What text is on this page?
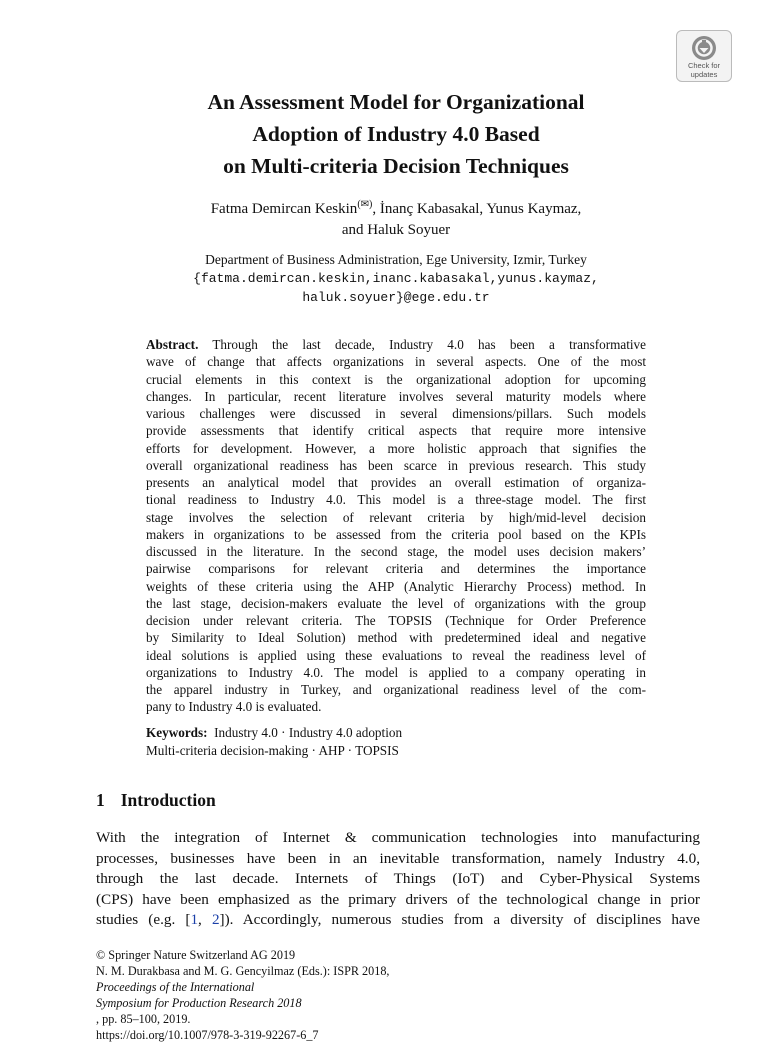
Check for
updates
An Assessment Model for Organizational
Adoption of Industry 4.0 Based
on Multi-criteria Decision Techniques
Fatma Demircan Keskin(✉), İnanç Kabasakal, Yunus Kaymaz,
and Haluk Soyuer
Department of Business Administration, Ege University, Izmir, Turkey
{fatma.demircan.keskin,inanc.kabasakal,yunus.kaymaz,
haluk.soyuer}@ege.edu.tr
Abstract. Through the last decade, Industry 4.0 has been a transformative
wave of change that affects organizations in several aspects. One of the most
crucial elements in this context is the organizational adoption for upcoming
changes. In particular, recent literature involves several maturity models where
various challenges were discussed in several dimensions/pillars. Such models
provide assessments that identify critical aspects that require more intensive
efforts for development. However, a more holistic approach that signifies the
overall organizational readiness has been scarce in previous research. This study
presents an analytical model that provides an overall estimation of organiza-
tional readiness to Industry 4.0. This model is a three-stage model. The first
stage involves the selection of relevant criteria by high/mid-level decision
makers in organizations to be assessed from the criteria pool based on the KPIs
discussed in the literature. In the second stage, the model uses decision makers’
pairwise comparisons for relevant criteria and determines the importance
weights of these criteria using the AHP (Analytic Hierarchy Process) method. In
the last stage, decision-makers evaluate the level of organizations with the group
decision under relevant criteria. The TOPSIS (Technique for Order Preference
by Similarity to Ideal Solution) method with predetermined ideal and negative
ideal solutions is applied using these evaluations to reveal the readiness level of
organizations to Industry 4.0. The model is applied to a company operating in
the apparel industry in Turkey, and organizational readiness level of the com-
pany to Industry 4.0 is evaluated.
Keywords:  Industry 4.0 · Industry 4.0 adoption
Multi-criteria decision-making · AHP · TOPSIS
1 Introduction
With the integration of Internet & communication technologies into manufacturing
processes, businesses have been in an inevitable transformation, namely Industry 4.0,
through the last decade. Internets of Things (IoT) and Cyber-Physical Systems
(CPS) have been emphasized as the primary drivers of the technological change in prior
studies (e.g. [1, 2]). Accordingly, numerous studies from a diversity of disciplines have
© Springer Nature Switzerland AG 2019
N. M. Durakbasa and M. G. Gencyilmaz (Eds.): ISPR 2018,
Proceedings of the International
Symposium for Production Research 2018
, pp. 85–100, 2019.
https://doi.org/10.1007/978-3-319-92267-6_7
